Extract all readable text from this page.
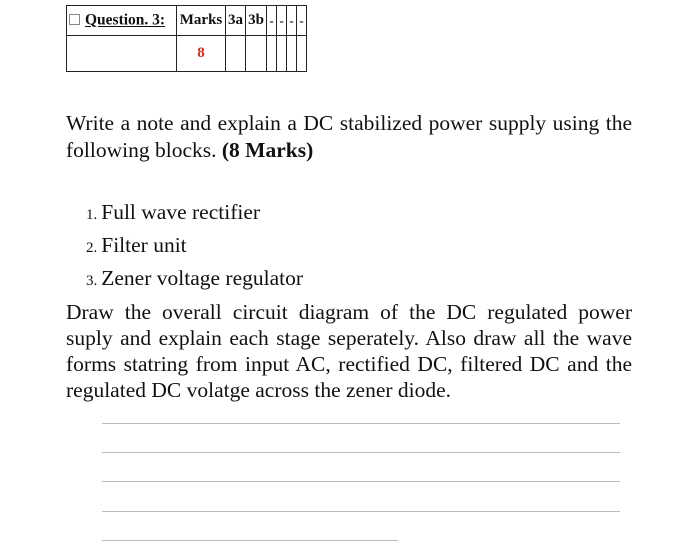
Question. 3:	Marks	3a	3b	-	-	-	-
	8						

Write a note and explain a DC stabilized power supply using the following blocks. (8 Marks)

1. Full wave rectifier
2. Filter unit
3. Zener voltage regulator

Draw the overall circuit diagram of the DC regulated power suply and explain each stage seperately. Also draw all the wave forms statring from input AC, rectified DC, filtered DC and the regulated DC volatge across the zener diode.
